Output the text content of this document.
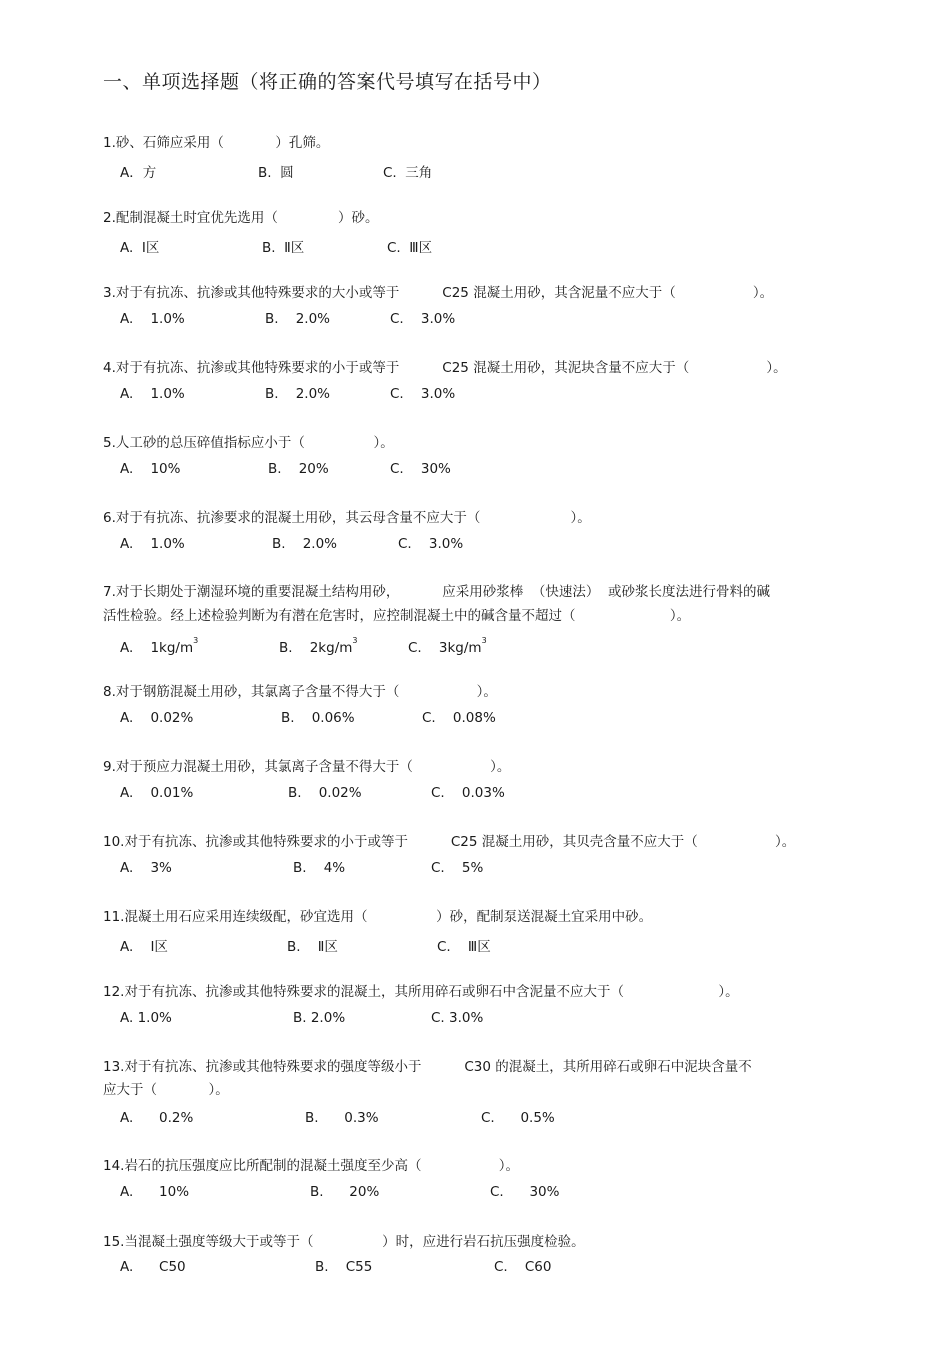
一、单项选择题（将正确的答案代号填写在括号中）
1.砂、石筛应采用（            ）孔筛。
A．方	B.  圆	C.  三角
2.配制混凝土时宜优先选用（              ）砂。
A.  Ⅰ区	B.  Ⅱ区	C.  Ⅲ区
3.对于有抗冻、抗渗或其他特殊要求的大小或等于          C25 混凝土用砂，其含泥量不应大于（                  ）。
A.    1.0%	B.    2.0%	C.    3.0%
4.对于有抗冻、抗渗或其他特殊要求的小于或等于          C25 混凝土用砂，其泥块含量不应大于（                  ）。
A.    1.0%	B.    2.0%	C.    3.0%
5.人工砂的总压碎值指标应小于（                ）。
A.    10%	B.    20%	C.    30%
6.对于有抗冻、抗渗要求的混凝土用砂，其云母含量不应大于（                     ）。
A.    1.0%	B.    2.0%	C.    3.0%
7.对于长期处于潮湿环境的重要混凝土结构用砂，          应采用砂浆棒  （快速法）  或砂浆长度法进行骨料的碱
活性检验。经上述检验判断为有潜在危害时，应控制混凝土中的碱含量不超过（                      ）。
A.    $1kg/m^3$	B.    $2kg/m^3$	C.    $3kg/m^3$
8.对于钢筋混凝土用砂，其氯离子含量不得大于（                  ）。
A.    0.02%	B.    0.06%	C.    0.08%
9.对于预应力混凝土用砂，其氯离子含量不得大于（                  ）。
A.    0.01%	B.    0.02%	C.    0.03%
10.对于有抗冻、抗渗或其他特殊要求的小于或等于          C25 混凝土用砂，其贝壳含量不应大于（                  ）。
A.    3%	B.    4%	C.    5%
11.混凝土用石应采用连续级配，砂宜选用（                ）砂，配制泵送混凝土宜采用中砂。
A.    Ⅰ区	B.    Ⅱ区	C.    Ⅲ区
12.对于有抗冻、抗渗或其他特殊要求的混凝土，其所用碎石或卵石中含泥量不应大于（                      ）。
A. 1.0%	B. 2.0%	C. 3.0%
13.对于有抗冻、抗渗或其他特殊要求的强度等级小于          C30 的混凝土，其所用碎石或卵石中泥块含量不
应大于（            ）。
A.      0.2%	B.      0.3%	C.      0.5%
14.岩石的抗压强度应比所配制的混凝土强度至少高（                  ）。
A.      10%	B.      20%	C.      30%
15.当混凝土强度等级大于或等于（                ）时，应进行岩石抗压强度检验。
A.      C50	B.    C55	C.    C60
